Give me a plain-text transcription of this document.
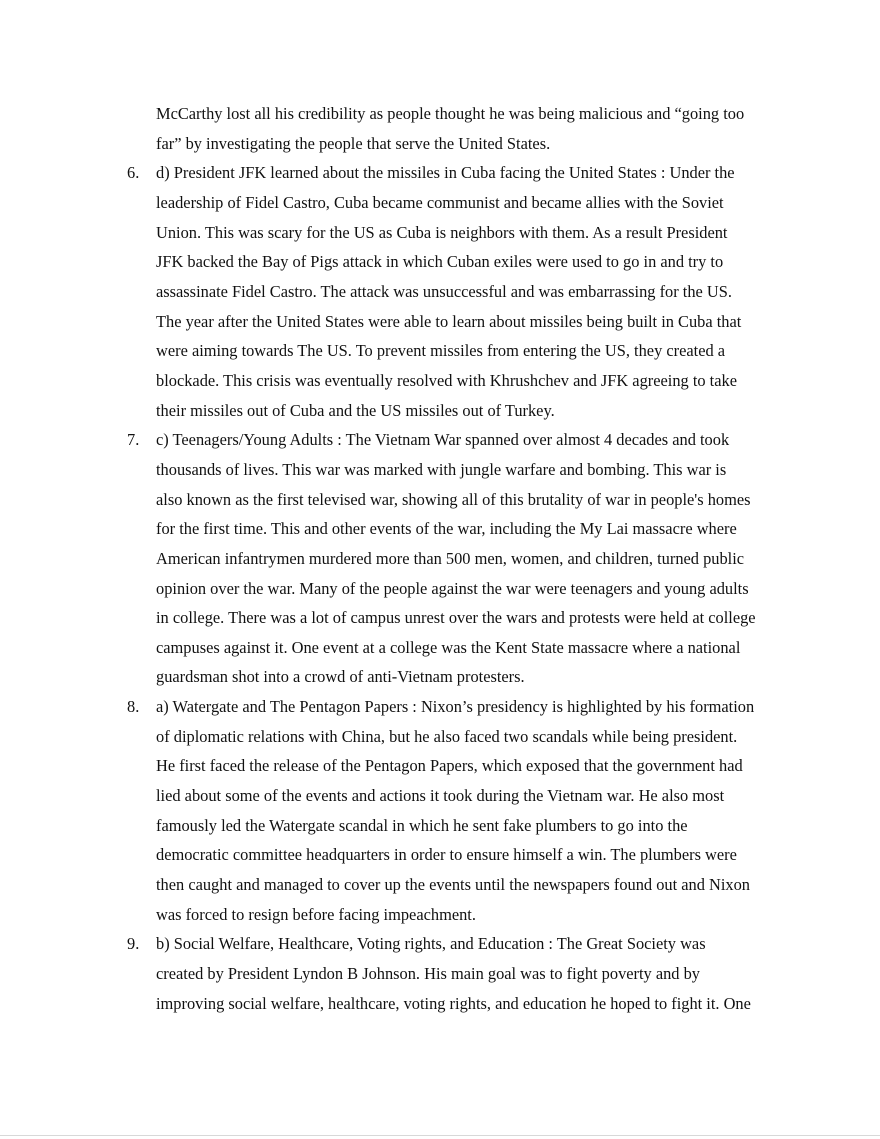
McCarthy lost all his credibility as people thought he was being malicious and “going too
far” by investigating the people that serve the United States.

6. d) President JFK learned about the missiles in Cuba facing the United States : Under the
leadership of Fidel Castro, Cuba became communist and became allies with the Soviet
Union. This was scary for the US as Cuba is neighbors with them. As a result President
JFK backed the Bay of Pigs attack in which Cuban exiles were used to go in and try to
assassinate Fidel Castro. The attack was unsuccessful and was embarrassing for the US.
The year after the United States were able to learn about missiles being built in Cuba that
were aiming towards The US. To prevent missiles from entering the US, they created a
blockade. This crisis was eventually resolved with Khrushchev and JFK agreeing to take
their missiles out of Cuba and the US missiles out of Turkey.
7. c) Teenagers/Young Adults : The Vietnam War spanned over almost 4 decades and took
thousands of lives. This war was marked with jungle warfare and bombing. This war is
also known as the first televised war, showing all of this brutality of war in people's homes
for the first time. This and other events of the war, including the My Lai massacre where
American infantrymen murdered more than 500 men, women, and children, turned public
opinion over the war. Many of the people against the war were teenagers and young adults
in college. There was a lot of campus unrest over the wars and protests were held at college
campuses against it. One event at a college was the Kent State massacre where a national
guardsman shot into a crowd of anti-Vietnam protesters.
8. a) Watergate and The Pentagon Papers : Nixon’s presidency is highlighted by his formation
of diplomatic relations with China, but he also faced two scandals while being president.
He first faced the release of the Pentagon Papers, which exposed that the government had
lied about some of the events and actions it took during the Vietnam war. He also most
famously led the Watergate scandal in which he sent fake plumbers to go into the
democratic committee headquarters in order to ensure himself a win. The plumbers were
then caught and managed to cover up the events until the newspapers found out and Nixon
was forced to resign before facing impeachment.
9. b) Social Welfare, Healthcare, Voting rights, and Education : The Great Society was
created by President Lyndon B Johnson. His main goal was to fight poverty and by
improving social welfare, healthcare, voting rights, and education he hoped to fight it. One
